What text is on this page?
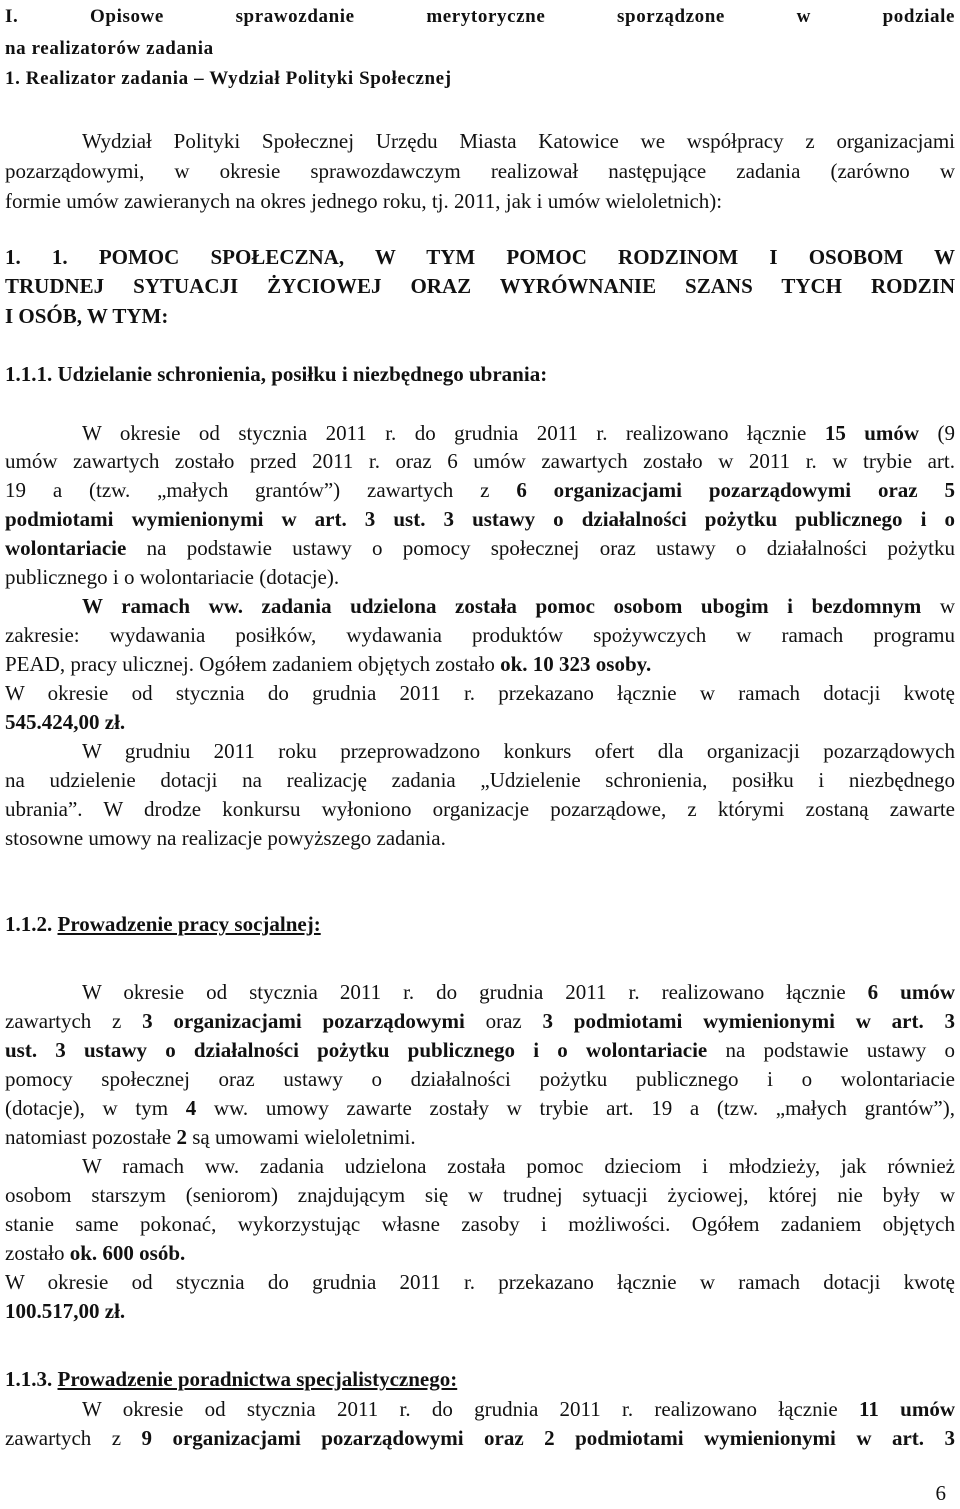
I. Opisowe sprawozdanie merytoryczne sporządzone w podziale

na realizatorów zadania

1. Realizator zadania – Wydział Polityki Społecznej

Wydział Polityki Społecznej Urzędu Miasta Katowice we współpracy z organizacjami

pozarządowymi, w okresie sprawozdawczym realizował następujące zadania (zarówno w

formie umów zawieranych na okres jednego roku, tj. 2011, jak i umów wieloletnich):

1. 1. POMOC SPOŁECZNA, W TYM POMOC RODZINOM I OSOBOM W

TRUDNEJ SYTUACJI ŻYCIOWEJ ORAZ WYRÓWNANIE SZANS TYCH RODZIN

I OSÓB, W TYM:

1.1.1. Udzielanie schronienia, posiłku i niezbędnego ubrania:

W okresie od stycznia 2011 r. do grudnia 2011 r. realizowano łącznie 15 umów (9

umów zawartych zostało przed 2011 r. oraz 6 umów zawartych zostało w 2011 r. w trybie art.

19 a (tzw. „małych grantów”) zawartych z 6 organizacjami pozarządowymi oraz 5

podmiotami wymienionymi w art. 3 ust. 3 ustawy o działalności pożytku publicznego i o

wolontariacie na podstawie ustawy o pomocy społecznej oraz ustawy o działalności pożytku

publicznego i o wolontariacie (dotacje).

W ramach ww. zadania udzielona została pomoc osobom ubogim i bezdomnym w

zakresie: wydawania posiłków, wydawania produktów spożywczych w ramach programu

PEAD, pracy ulicznej. Ogółem zadaniem objętych zostało ok. 10 323 osoby.

W okresie od stycznia do grudnia 2011 r. przekazano łącznie w ramach dotacji kwotę

545.424,00 zł.

W grudniu 2011 roku przeprowadzono konkurs ofert dla organizacji pozarządowych

na udzielenie dotacji na realizację zadania „Udzielenie schronienia, posiłku i niezbędnego

ubrania”. W drodze konkursu wyłoniono organizacje pozarządowe, z którymi zostaną zawarte

stosowne umowy na realizacje powyższego zadania.

1.1.2. Prowadzenie pracy socjalnej:

W okresie od stycznia 2011 r. do grudnia 2011 r. realizowano łącznie 6 umów

zawartych z 3 organizacjami pozarządowymi oraz 3 podmiotami wymienionymi w art. 3

ust. 3 ustawy o działalności pożytku publicznego i o wolontariacie na podstawie ustawy o

pomocy społecznej oraz ustawy o działalności pożytku publicznego i o wolontariacie

(dotacje), w tym 4 ww. umowy zawarte zostały w trybie art. 19 a (tzw. „małych grantów”),

natomiast pozostałe 2 są umowami wieloletnimi.

W ramach ww. zadania udzielona została pomoc dzieciom i młodzieży, jak również

osobom starszym (seniorom) znajdującym się w trudnej sytuacji życiowej, której nie były w

stanie same pokonać, wykorzystując własne zasoby i możliwości. Ogółem zadaniem objętych

zostało ok. 600 osób.

W okresie od stycznia do grudnia 2011 r. przekazano łącznie w ramach dotacji kwotę

100.517,00 zł.

1.1.3. Prowadzenie poradnictwa specjalistycznego:

W okresie od stycznia 2011 r. do grudnia 2011 r. realizowano łącznie 11 umów

zawartych z 9 organizacjami pozarządowymi oraz 2 podmiotami wymienionymi w art. 3

6
